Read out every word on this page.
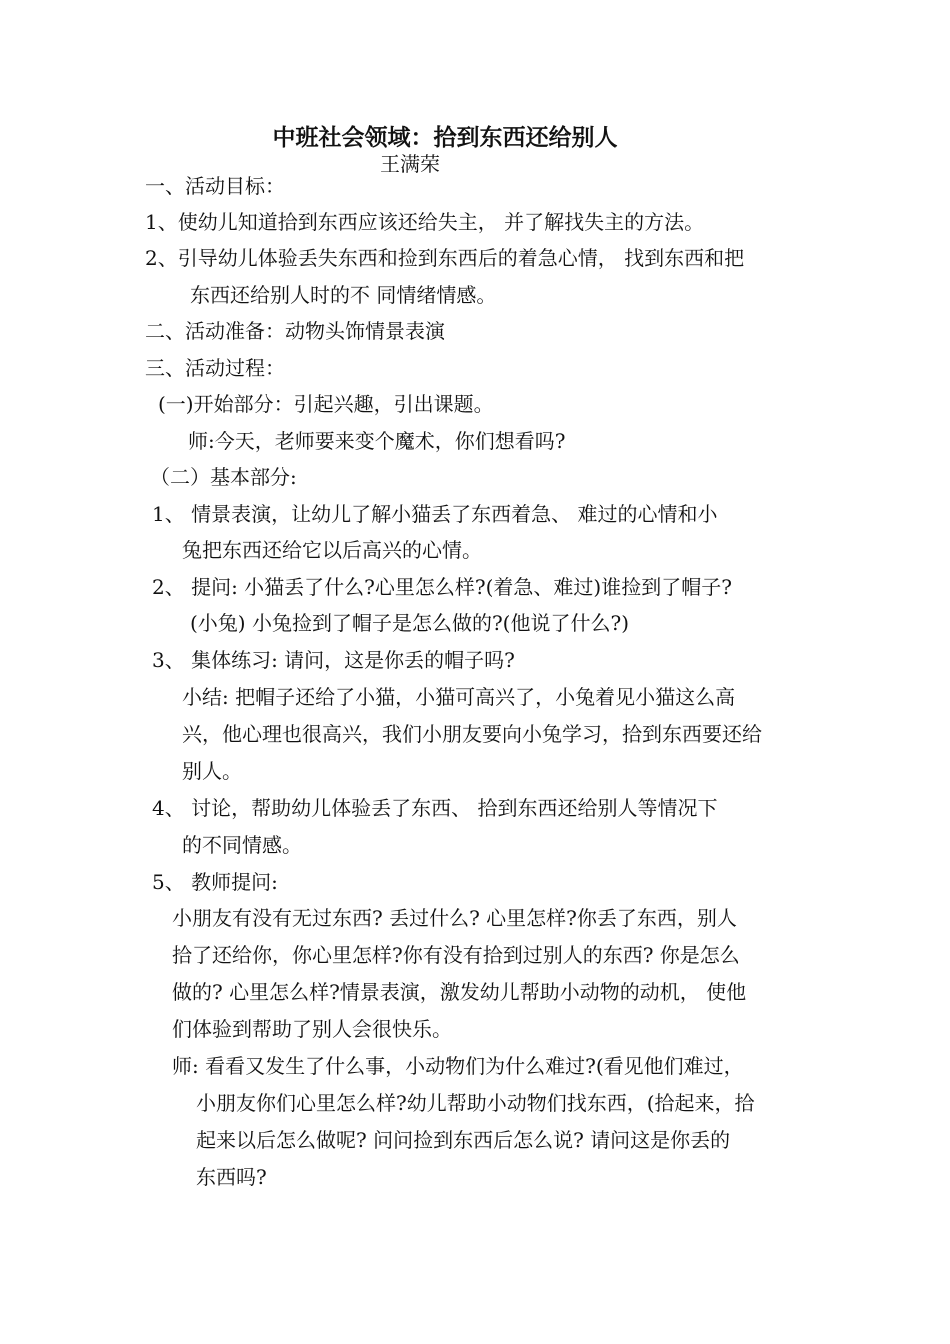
中班社会领域：拾到东西还给别人
王满荣
一、活动目标：
1、使幼儿知道拾到东西应该还给失主， 并了解找失主的方法。
2、引导幼儿体验丢失东西和捡到东西后的着急心情， 找到东西和把
东西还给别人时的不 同情绪情感。
二、活动准备：动物头饰情景表演
三、活动过程：
(一)开始部分：引起兴趣，引出课题。
师:今天，老师要来变个魔术，你们想看吗?
（二）基本部分:
1、 情景表演，让幼儿了解小猫丢了东西着急、 难过的心情和小
兔把东西还给它以后高兴的心情。
2、 提问: 小猫丢了什么?心里怎么样?(着急、难过)谁捡到了帽子?
(小兔) 小兔捡到了帽子是怎么做的?(他说了什么?)
3、 集体练习: 请问，这是你丢的帽子吗?
小结: 把帽子还给了小猫，小猫可高兴了，小兔着见小猫这么高
兴，他心理也很高兴，我们小朋友要向小兔学习，拾到东西要还给
别人。
4、 讨论，帮助幼儿体验丢了东西、 拾到东西还给别人等情况下
的不同情感。
5、 教师提问:
小朋友有没有无过东西? 丢过什么? 心里怎样?你丢了东西，别人
拾了还给你，你心里怎样?你有没有拾到过别人的东西? 你是怎么
做的? 心里怎么样?情景表演，激发幼儿帮助小动物的动机， 使他
们体验到帮助了别人会很快乐。
师: 看看又发生了什么事，小动物们为什么难过?(看见他们难过，
小朋友你们心里怎么样?幼儿帮助小动物们找东西，(拾起来，拾
起来以后怎么做呢? 问问捡到东西后怎么说? 请问这是你丢的
东西吗?
